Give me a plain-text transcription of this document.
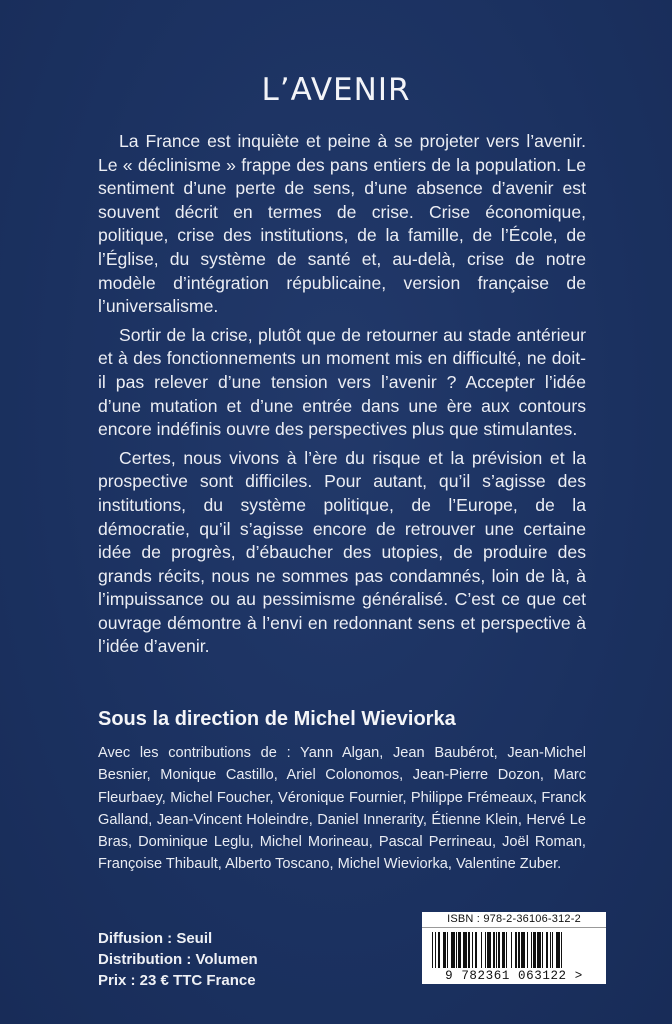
L’AVENIR

La France est inquiète et peine à se projeter vers l’avenir. Le « déclinisme » frappe des pans entiers de la population. Le sentiment d’une perte de sens, d’une absence d’avenir est souvent décrit en termes de crise. Crise économique, politique, crise des institutions, de la famille, de l’École, de l’Église, du système de santé et, au-delà, crise de notre modèle d’intégration républicaine, version française de l’universalisme.

Sortir de la crise, plutôt que de retourner au stade antérieur et à des fonctionnements un moment mis en difficulté, ne doit-il pas relever d’une tension vers l’avenir ? Accepter l’idée d’une mutation et d’une entrée dans une ère aux contours encore indéfinis ouvre des perspectives plus que stimulantes.

Certes, nous vivons à l’ère du risque et la prévision et la prospective sont difficiles. Pour autant, qu’il s’agisse des institutions, du système politique, de l’Europe, de la démocratie, qu’il s’agisse encore de retrouver une certaine idée de progrès, d’ébaucher des utopies, de produire des grands récits, nous ne sommes pas condamnés, loin de là, à l’impuissance ou au pessimisme généralisé. C’est ce que cet ouvrage démontre à l’envi en redonnant sens et perspective à l’idée d’avenir.

Sous la direction de Michel Wieviorka

Avec les contributions de : Yann Algan, Jean Baubérot, Jean-Michel Besnier, Monique Castillo, Ariel Colonomos, Jean-Pierre Dozon, Marc Fleurbaey, Michel Foucher, Véronique Fournier, Philippe Frémeaux, Franck Galland, Jean-Vincent Holeindre, Daniel Innerarity, Étienne Klein, Hervé Le Bras, Dominique Leglu, Michel Morineau, Pascal Perrineau, Joël Roman, Françoise Thibault, Alberto Toscano, Michel Wieviorka, Valentine Zuber.

Diffusion : Seuil
Distribution : Volumen
Prix : 23 € TTC France
ISBN : 978-2-36106-312-2
9 782361 063122 >
